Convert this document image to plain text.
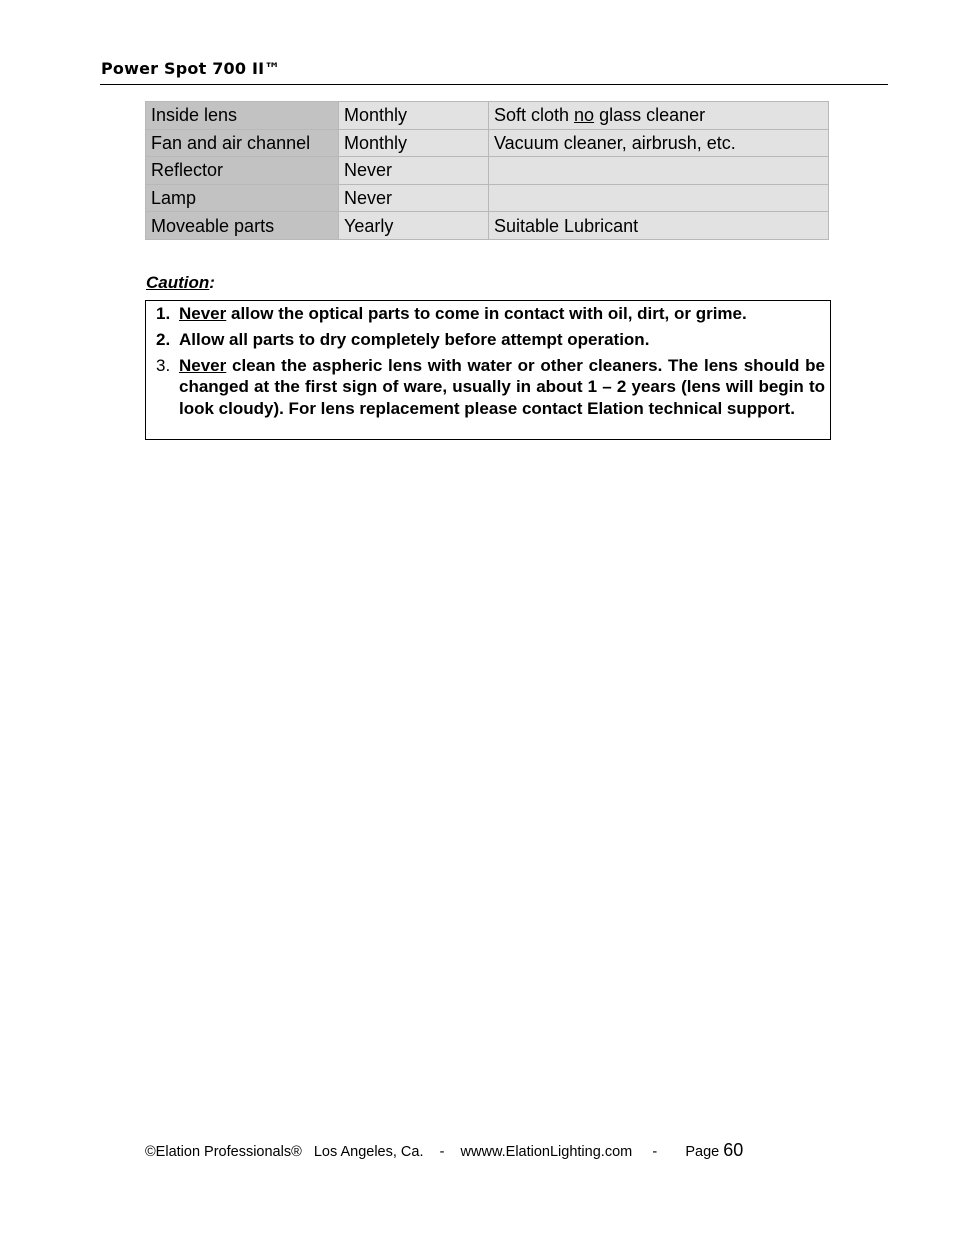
Power Spot 700 II™
Inside lens	Monthly	Soft cloth no glass cleaner
Fan and air channel	Monthly	Vacuum cleaner, airbrush, etc.
Reflector	Never	
Lamp	Never	
Moveable parts	Yearly	Suitable Lubricant
Caution:
1. Never allow the optical parts to come in contact with oil, dirt, or grime.
2. Allow all parts to dry completely before attempt operation.
3. Never clean the aspheric lens with water or other cleaners. The lens should be changed at the first sign of ware, usually in about 1 – 2 years (lens will begin to look cloudy). For lens replacement please contact Elation technical support.
©Elation Professionals®   Los Angeles, Ca.    -    wwww.ElationLighting.com     -       Page 60
